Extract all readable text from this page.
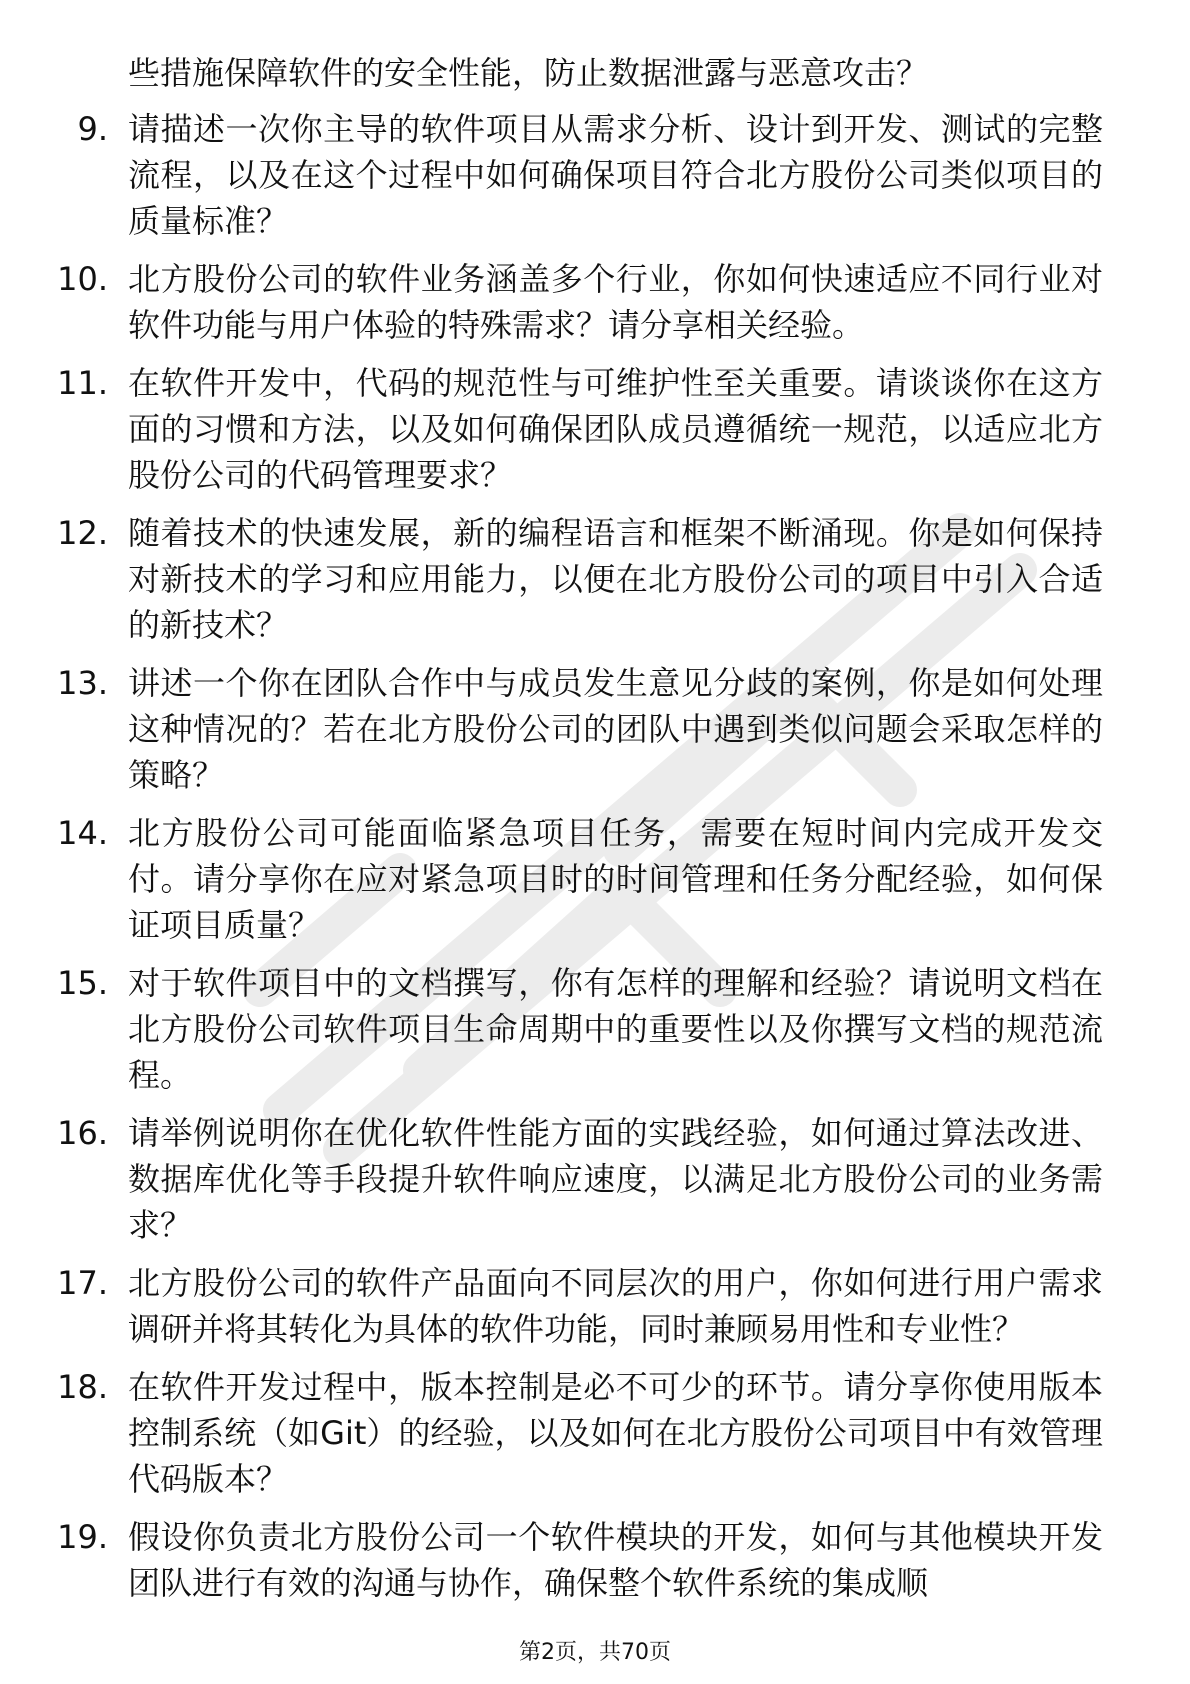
些措施保障软件的安全性能，防止数据泄露与恶意攻击？

9. 请描述一次你主导的软件项目从需求分析、设计到开发、测试的完整流程，以及在这个过程中如何确保项目符合北方股份公司类似项目的质量标准？
10. 北方股份公司的软件业务涵盖多个行业，你如何快速适应不同行业对软件功能与用户体验的特殊需求？请分享相关经验。
11. 在软件开发中，代码的规范性与可维护性至关重要。请谈谈你在这方面的习惯和方法，以及如何确保团队成员遵循统一规范，以适应北方股份公司的代码管理要求？
12. 随着技术的快速发展，新的编程语言和框架不断涌现。你是如何保持对新技术的学习和应用能力，以便在北方股份公司的项目中引入合适的新技术？
13. 讲述一个你在团队合作中与成员发生意见分歧的案例，你是如何处理这种情况的？若在北方股份公司的团队中遇到类似问题会采取怎样的策略？
14. 北方股份公司可能面临紧急项目任务，需要在短时间内完成开发交付。请分享你在应对紧急项目时的时间管理和任务分配经验，如何保证项目质量？
15. 对于软件项目中的文档撰写，你有怎样的理解和经验？请说明文档在北方股份公司软件项目生命周期中的重要性以及你撰写文档的规范流程。
16. 请举例说明你在优化软件性能方面的实践经验，如何通过算法改进、数据库优化等手段提升软件响应速度，以满足北方股份公司的业务需求？
17. 北方股份公司的软件产品面向不同层次的用户，你如何进行用户需求调研并将其转化为具体的软件功能，同时兼顾易用性和专业性？
18. 在软件开发过程中，版本控制是必不可少的环节。请分享你使用版本控制系统（如Git）的经验，以及如何在北方股份公司项目中有效管理代码版本？
19. 假设你负责北方股份公司一个软件模块的开发，如何与其他模块开发团队进行有效的沟通与协作，确保整个软件系统的集成顺
第2页，共70页
